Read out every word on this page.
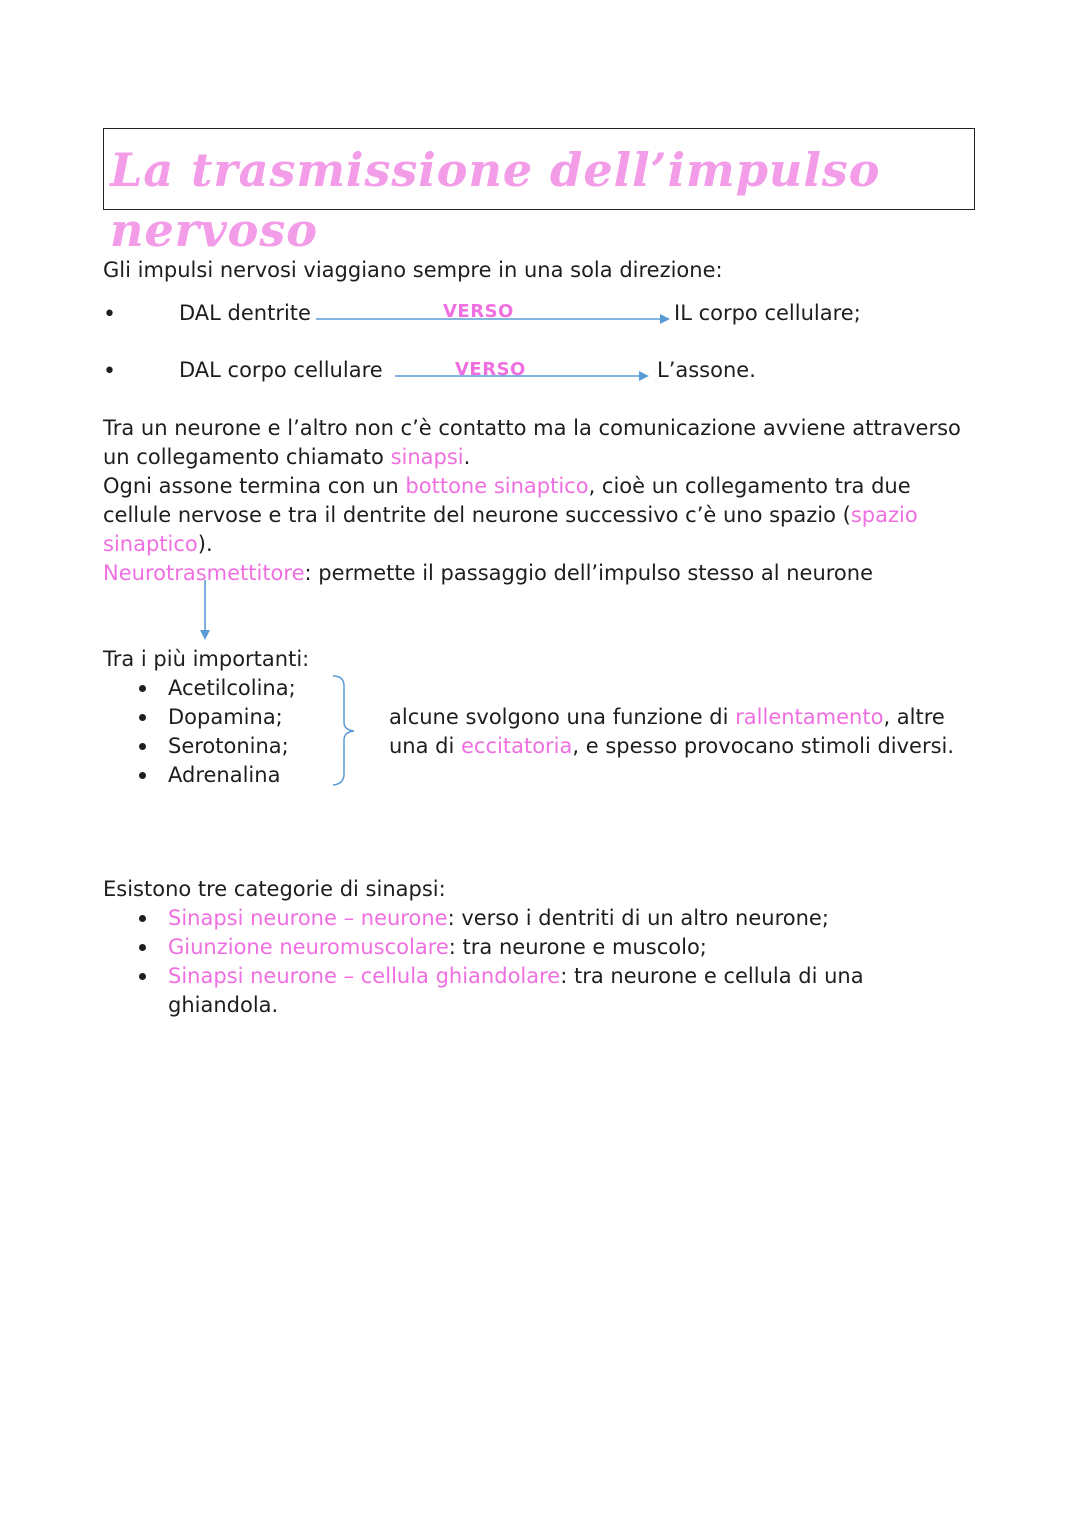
La trasmissione dell’impulso nervoso
Gli impulsi nervosi viaggiano sempre in una sola direzione:
•	DAL dentrite	VERSO	IL corpo cellulare;
•	DAL corpo cellulare	VERSO	L’assone.
Tra un neurone e l’altro non c’è contatto ma la comunicazione avviene attraverso
un collegamento chiamato sinapsi.
Ogni assone termina con un bottone sinaptico, cioè un collegamento tra due
cellule nervose e tra il dentrite del neurone successivo c’è uno spazio (spazio
sinaptico).
Neurotrasmettitore: permette il passaggio dell’impulso stesso al neurone
Tra i più importanti:
Acetilcolina;
Dopamina;
Serotonina;
Adrenalina
alcune svolgono una funzione di rallentamento, altre
una di eccitatoria, e spesso provocano stimoli diversi.
Esistono tre categorie di sinapsi:
Sinapsi neurone – neurone: verso i dentriti di un altro neurone;
Giunzione neuromuscolare: tra neurone e muscolo;
Sinapsi neurone – cellula ghiandolare: tra neurone e cellula di una
ghiandola.
